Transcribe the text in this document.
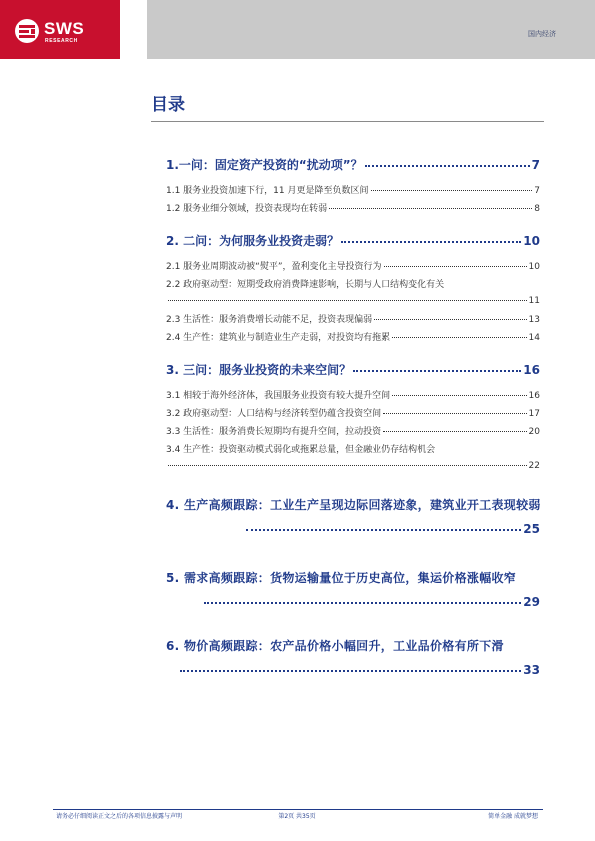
SWS
RESEARCH
国内经济
目录
1.一问：固定资产投资的“扰动项”？	7
1.1 服务业投资加速下行，11 月更是降至负数区间	7
1.2 服务业细分领域，投资表现均在转弱	8
2. 二问：为何服务业投资走弱？	10
2.1 服务业周期波动被“熨平”，盈利变化主导投资行为	10
2.2 政府驱动型：短期受政府消费降速影响，长期与人口结构变化有关
11
2.3 生活性：服务消费增长动能不足，投资表现偏弱	13
2.4 生产性：建筑业与制造业生产走弱，对投资均有拖累	14
3. 三问：服务业投资的未来空间？	16
3.1 相较于海外经济体，我国服务业投资有较大提升空间	16
3.2 政府驱动型：人口结构与经济转型仍蕴含投资空间	17
3.3 生活性：服务消费长短期均有提升空间，拉动投资	20
3.4 生产性：投资驱动模式弱化或拖累总量，但金融业仍存结构机会
22
4. 生产高频跟踪：工业生产呈现边际回落迹象，建筑业开工表现较弱
25
5. 需求高频跟踪：货物运输量位于历史高位，集运价格涨幅收窄
29
6. 物价高频跟踪：农产品价格小幅回升，工业品价格有所下滑
33
请务必仔细阅读正文之后的各项信息披露与声明	第2页 共35页	简单金融 成就梦想
